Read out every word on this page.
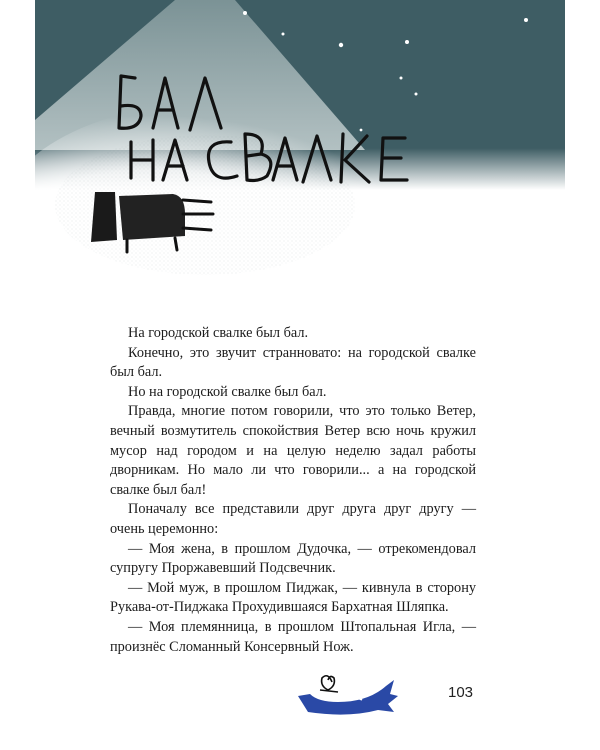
На городской свалке был бал.

Конечно, это звучит странновато: на городской свалке был бал.

Но на городской свалке был бал.

Правда, многие потом говорили, что это только Ветер, вечный возмутитель спокойствия Ветер всю ночь кружил мусор над городом и на целую неделю задал работы дворникам. Но мало ли что говорили... а на городской свалке был бал!

Поначалу все представили друг друга друг другу — очень церемонно:

— Моя жена, в прошлом Дудочка, — отрекомендовал супругу Проржавевший Подсвечник.

— Мой муж, в прошлом Пиджак, — кивнула в сторону Рукава-от-Пиджака Прохудившаяся Бархатная Шляпка.

— Моя племянница, в прошлом Штопальная Игла, — произнёс Сломанный Консервный Нож.

103
